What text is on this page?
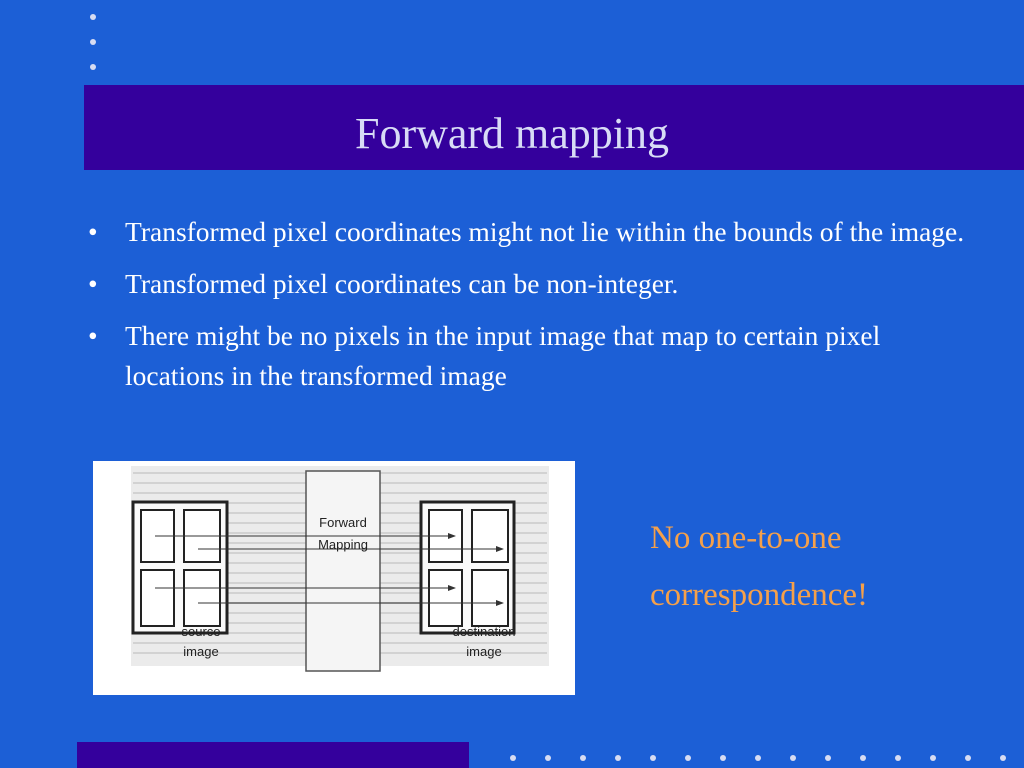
Forward mapping
• Transformed pixel coordinates might not lie within the bounds of the image.
• Transformed pixel coordinates can be non-integer.
• There might be no pixels in the input image that map to certain pixel locations in the transformed image
Forward
Mapping
source
image
destination
image
No one-to-one
correspondence!
